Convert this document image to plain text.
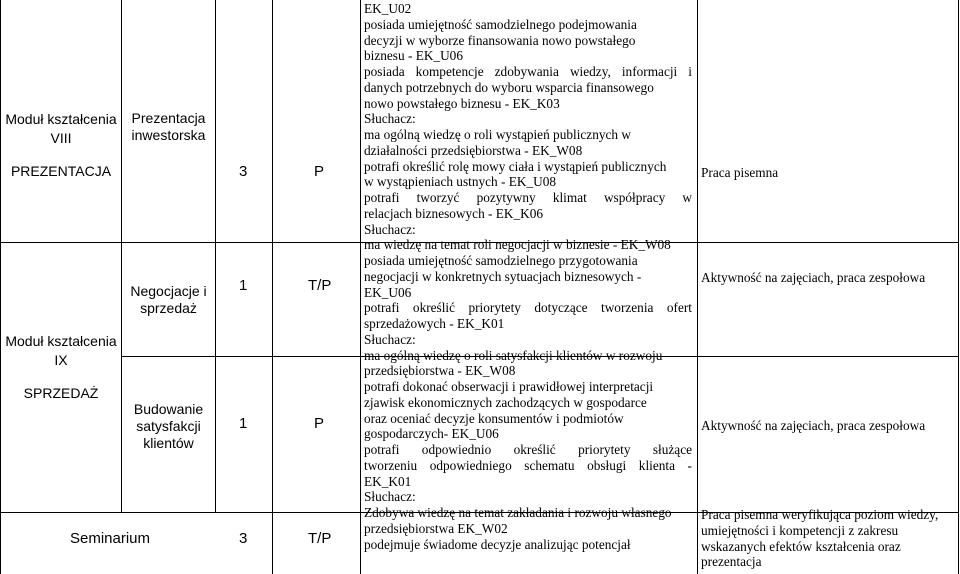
Moduł kształcenia
VIII
PREZENTACJA
Moduł kształcenia
IX
SPRZEDAŻ
Prezentacja
inwestorska
Negocjacje i
sprzedaż
Budowanie
satysfakcji
klientów
3
1
1
P
T/P
P
Seminarium	3	T/P
EK_U02
posiada umiejętność samodzielnego podejmowania
decyzji w wyborze finansowania nowo powstałego
biznesu - EK_U06
posiada kompetencje zdobywania wiedzy, informacji i
danych potrzebnych do wyboru wsparcia finansowego
nowo powstałego biznesu - EK_K03
Słuchacz:
ma ogólną wiedzę o roli wystąpień publicznych w
działalności przedsiębiorstwa - EK_W08
potrafi określić rolę mowy ciała i wystąpień publicznych
w wystąpieniach ustnych - EK_U08
potrafi tworzyć pozytywny klimat współpracy w
relacjach biznesowych - EK_K06
Słuchacz:
ma wiedzę na temat roli negocjacji w biznesie - EK_W08
posiada umiejętność samodzielnego przygotowania
negocjacji w konkretnych sytuacjach biznesowych -
EK_U06
potrafi określić priorytety dotyczące tworzenia ofert
sprzedażowych - EK_K01
Słuchacz:
ma ogólną wiedzę o roli satysfakcji klientów w rozwoju
przedsiębiorstwa - EK_W08
potrafi dokonać obserwacji i prawidłowej interpretacji
zjawisk ekonomicznych zachodzących w gospodarce
oraz oceniać decyzje konsumentów i podmiotów
gospodarczych- EK_U06
potrafi odpowiednio określić priorytety służące
tworzeniu odpowiedniego schematu obsługi klienta -
EK_K01
Słuchacz:
Zdobywa wiedzę na temat zakładania i rozwoju własnego
przedsiębiorstwa EK_W02
podejmuje świadome decyzje analizując potencjał
Praca pisemna
Aktywność na zajęciach, praca zespołowa
Aktywność na zajęciach, praca zespołowa
Praca pisemna weryfikująca poziom wiedzy,
umiejętności i kompetencji z zakresu
wskazanych efektów kształcenia oraz
prezentacja
